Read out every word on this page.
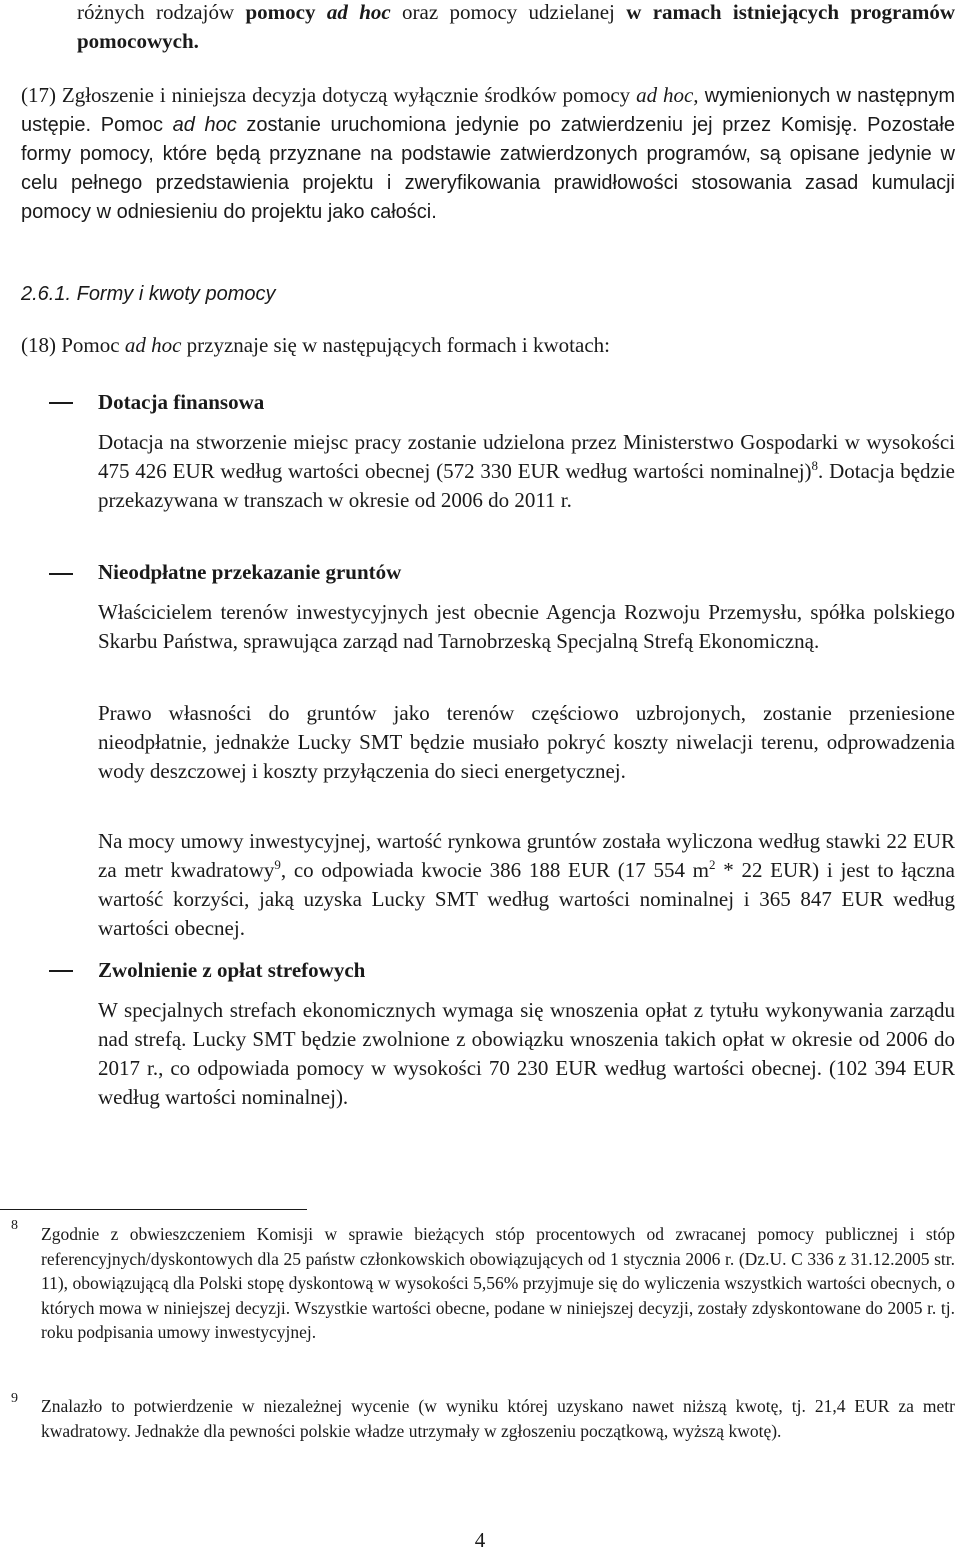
różnych rodzajów pomocy ad hoc oraz pomocy udzielanej w ramach istniejących programów pomocowych.

(17) Zgłoszenie i niniejsza decyzja dotyczą wyłącznie środków pomocy ad hoc, wymienionych w następnym ustępie. Pomoc ad hoc zostanie uruchomiona jedynie po zatwierdzeniu jej przez Komisję. Pozostałe formy pomocy, które będą przyznane na podstawie zatwierdzonych programów, są opisane jedynie w celu pełnego przedstawienia projektu i zweryfikowania prawidłowości stosowania zasad kumulacji pomocy w odniesieniu do projektu jako całości.

2.6.1. Formy i kwoty pomocy

(18) Pomoc ad hoc przyznaje się w następujących formach i kwotach:

Dotacja finansowa

Dotacja na stworzenie miejsc pracy zostanie udzielona przez Ministerstwo Gospodarki w wysokości 475 426 EUR według wartości obecnej (572 330 EUR według wartości nominalnej)$^8$. Dotacja będzie przekazywana w transzach w okresie od 2006 do 2011 r.

Nieodpłatne przekazanie gruntów

Właścicielem terenów inwestycyjnych jest obecnie Agencja Rozwoju Przemysłu, spółka polskiego Skarbu Państwa, sprawująca zarząd nad Tarnobrzeską Specjalną Strefą Ekonomiczną.

Prawo własności do gruntów jako terenów częściowo uzbrojonych, zostanie przeniesione nieodpłatnie, jednakże Lucky SMT będzie musiało pokryć koszty niwelacji terenu, odprowadzenia wody deszczowej i koszty przyłączenia do sieci energetycznej.

Na mocy umowy inwestycyjnej, wartość rynkowa gruntów została wyliczona według stawki 22 EUR za metr kwadratowy$^9$, co odpowiada kwocie 386 188 EUR (17 554 $m^2 * 22$ EUR) i jest to łączna wartość korzyści, jaką uzyska Lucky SMT według wartości nominalnej i 365 847 EUR według wartości obecnej.

Zwolnienie z opłat strefowych

W specjalnych strefach ekonomicznych wymaga się wnoszenia opłat z tytułu wykonywania zarządu nad strefą. Lucky SMT będzie zwolnione z obowiązku wnoszenia takich opłat w okresie od 2006 do 2017 r., co odpowiada pomocy w wysokości 70 230 EUR według wartości obecnej. (102 394 EUR według wartości nominalnej).

8 Zgodnie z obwieszczeniem Komisji w sprawie bieżących stóp procentowych od zwracanej pomocy publicznej i stóp referencyjnych/dyskontowych dla 25 państw członkowskich obowiązujących od 1 stycznia 2006 r. (Dz.U. C 336 z 31.12.2005 str. 11), obowiązującą dla Polski stopę dyskontową w wysokości 5,56% przyjmuje się do wyliczenia wszystkich wartości obecnych, o których mowa w niniejszej decyzji. Wszystkie wartości obecne, podane w niniejszej decyzji, zostały zdyskontowane do 2005 r. tj. roku podpisania umowy inwestycyjnej.

9 Znalazło to potwierdzenie w niezależnej wycenie (w wyniku której uzyskano nawet niższą kwotę, tj. 21,4 EUR za metr kwadratowy. Jednakże dla pewności polskie władze utrzymały w zgłoszeniu początkową, wyższą kwotę).

4
